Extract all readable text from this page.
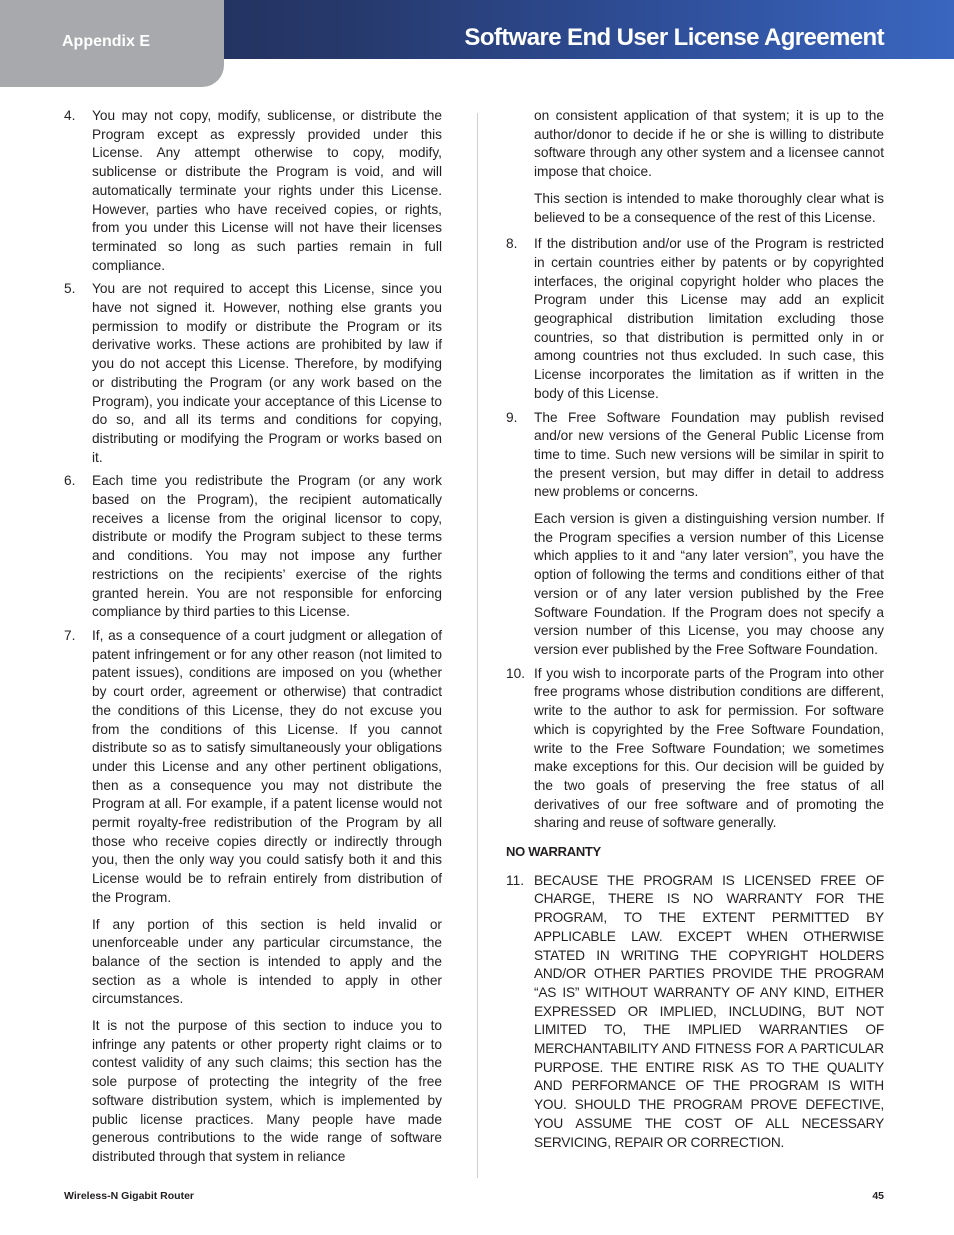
Appendix E	Software End User License Agreement
4.	You may not copy, modify, sublicense, or distribute the Program except as expressly provided under this License. Any attempt otherwise to copy, modify, sublicense or distribute the Program is void, and will automatically terminate your rights under this License. However, parties who have received copies, or rights, from you under this License will not have their licenses terminated so long as such parties remain in full compliance.

5.	You are not required to accept this License, since you have not signed it. However, nothing else grants you permission to modify or distribute the Program or its derivative works. These actions are prohibited by law if you do not accept this License. Therefore, by modifying or distributing the Program (or any work based on the Program), you indicate your acceptance of this License to do so, and all its terms and conditions for copying, distributing or modifying the Program or works based on it.

6.	Each time you redistribute the Program (or any work based on the Program), the recipient automatically receives a license from the original licensor to copy, distribute or modify the Program subject to these terms and conditions. You may not impose any further restrictions on the recipients’ exercise of the rights granted herein. You are not responsible for enforcing compliance by third parties to this License.

7.	If, as a consequence of a court judgment or allegation of patent infringement or for any other reason (not limited to patent issues), conditions are imposed on you (whether by court order, agreement or otherwise) that contradict the conditions of this License, they do not excuse you from the conditions of this License. If you cannot distribute so as to satisfy simultaneously your obligations under this License and any other pertinent obligations, then as a consequence you may not distribute the Program at all. For example, if a patent license would not permit royalty-free redistribution of the Program by all those who receive copies directly or indirectly through you, then the only way you could satisfy both it and this License would be to refrain entirely from distribution of the Program.

If any portion of this section is held invalid or unenforceable under any particular circumstance, the balance of the section is intended to apply and the section as a whole is intended to apply in other circumstances.

It is not the purpose of this section to induce you to infringe any patents or other property right claims or to contest validity of any such claims; this section has the sole purpose of protecting the integrity of the free software distribution system, which is implemented by public license practices. Many people have made generous contributions to the wide range of software distributed through that system in reliance

on consistent application of that system; it is up to the author/donor to decide if he or she is willing to distribute software through any other system and a licensee cannot impose that choice.

This section is intended to make thoroughly clear what is believed to be a consequence of the rest of this License.

8.	If the distribution and/or use of the Program is restricted in certain countries either by patents or by copyrighted interfaces, the original copyright holder who places the Program under this License may add an explicit geographical distribution limitation excluding those countries, so that distribution is permitted only in or among countries not thus excluded. In such case, this License incorporates the limitation as if written in the body of this License.

9.	The Free Software Foundation may publish revised and/or new versions of the General Public License from time to time. Such new versions will be similar in spirit to the present version, but may differ in detail to address new problems or concerns.

Each version is given a distinguishing version number. If the Program specifies a version number of this License which applies to it and “any later version”, you have the option of following the terms and conditions either of that version or of any later version published by the Free Software Foundation. If the Program does not specify a version number of this License, you may choose any version ever published by the Free Software Foundation.

10. If you wish to incorporate parts of the Program into other free programs whose distribution conditions are different, write to the author to ask for permission. For software which is copyrighted by the Free Software Foundation, write to the Free Software Foundation; we sometimes make exceptions for this. Our decision will be guided by the two goals of preserving the free status of all derivatives of our free software and of promoting the sharing and reuse of software generally.

NO WARRANTY
11. BECAUSE THE PROGRAM IS LICENSED FREE OF CHARGE, THERE IS NO WARRANTY FOR THE PROGRAM, TO THE EXTENT PERMITTED BY APPLICABLE LAW. EXCEPT WHEN OTHERWISE STATED IN WRITING THE COPYRIGHT HOLDERS AND/OR OTHER PARTIES PROVIDE THE PROGRAM “AS IS” WITHOUT WARRANTY OF ANY KIND, EITHER EXPRESSED OR IMPLIED, INCLUDING, BUT NOT LIMITED TO, THE IMPLIED WARRANTIES OF MERCHANTABILITY AND FITNESS FOR A PARTICULAR PURPOSE. THE ENTIRE RISK AS TO THE QUALITY AND PERFORMANCE OF THE PROGRAM IS WITH YOU. SHOULD THE PROGRAM PROVE DEFECTIVE, YOU ASSUME THE COST OF ALL NECESSARY SERVICING, REPAIR OR CORRECTION.

Wireless-N Gigabit Router	45
